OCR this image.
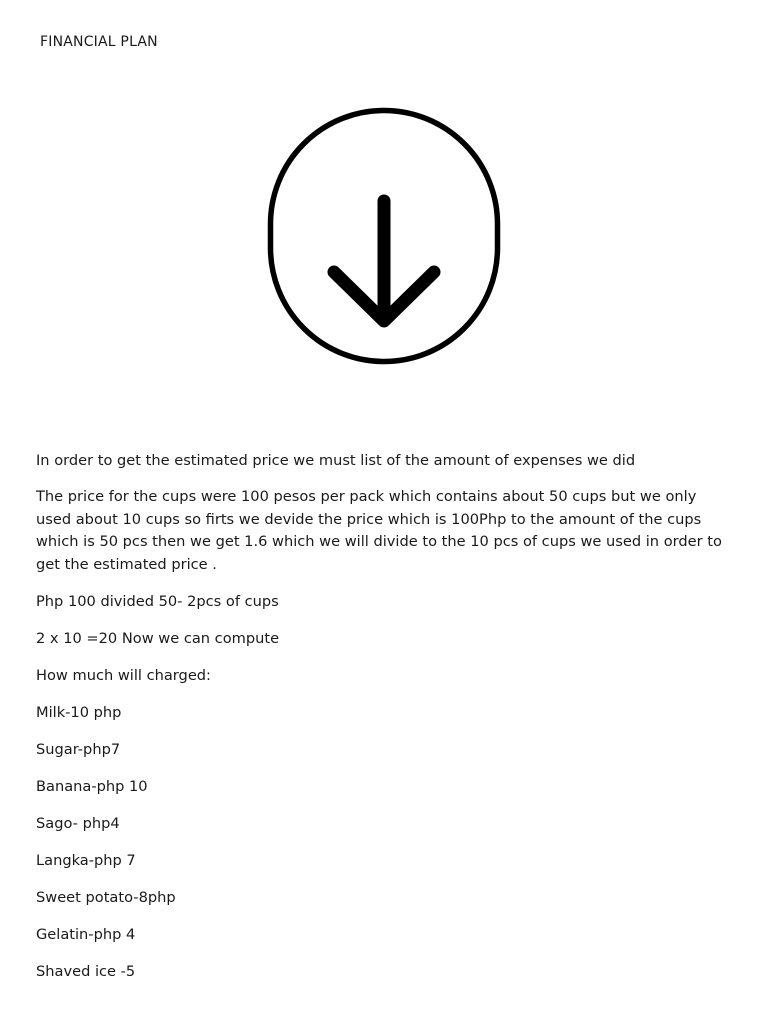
FINANCIAL PLAN

In order to get the estimated price we must list of the amount of expenses we did

The price for the cups were 100 pesos per pack which contains about 50 cups but we only used about 10 cups so firts we devide the price which is 100Php to the amount of the cups which is 50 pcs then we get 1.6 which we will divide to the 10 pcs of cups we used in order to get the estimated price .

Php 100 divided 50- 2pcs of cups

2 x 10 =20 Now we can compute

How much will charged:

Milk-10 php

Sugar-php7

Banana-php 10

Sago- php4

Langka-php 7

Sweet potato-8php

Gelatin-php 4

Shaved ice -5
